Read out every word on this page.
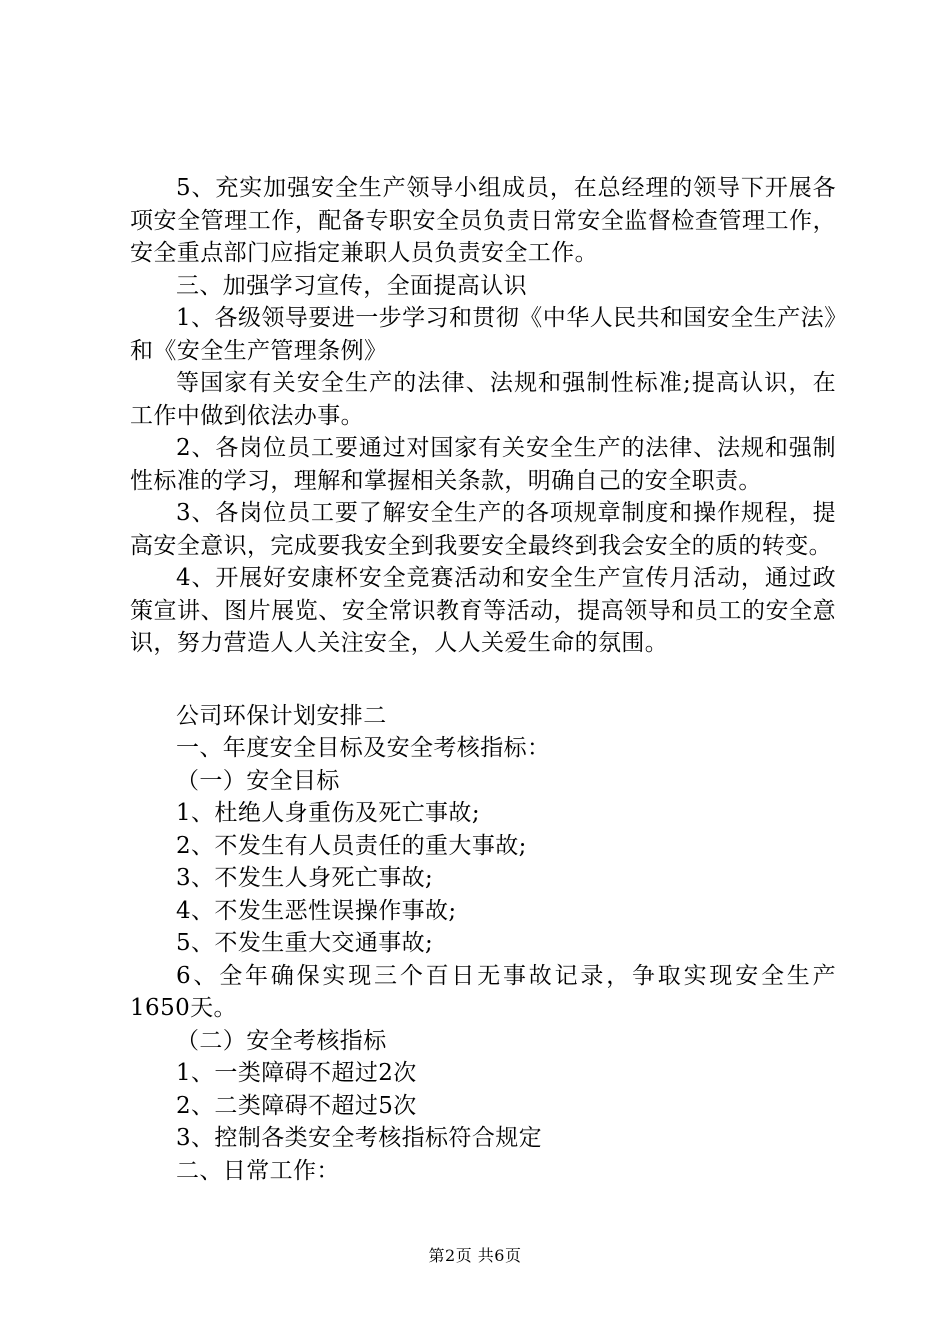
5、充实加强安全生产领导小组成员，在总经理的领导下开展各项安全管理工作，配备专职安全员负责日常安全监督检查管理工作，安全重点部门应指定兼职人员负责安全工作。

三、加强学习宣传，全面提高认识

1、各级领导要进一步学习和贯彻《中华人民共和国安全生产法》和《安全生产管理条例》

等国家有关安全生产的法律、法规和强制性标准;提高认识，在工作中做到依法办事。

2、各岗位员工要通过对国家有关安全生产的法律、法规和强制性标准的学习，理解和掌握相关条款，明确自己的安全职责。

3、各岗位员工要了解安全生产的各项规章制度和操作规程，提高安全意识，完成要我安全到我要安全最终到我会安全的质的转变。

4、开展好安康杯安全竞赛活动和安全生产宣传月活动，通过政策宣讲、图片展览、安全常识教育等活动，提高领导和员工的安全意识，努力营造人人关注安全，人人关爱生命的氛围。

公司环保计划安排二

一、年度安全目标及安全考核指标：

（一）安全目标

1、杜绝人身重伤及死亡事故;

2、不发生有人员责任的重大事故;

3、不发生人身死亡事故;

4、不发生恶性误操作事故;

5、不发生重大交通事故;

6、全年确保实现三个百日无事故记录，争取实现安全生产1650天。

（二）安全考核指标

1、一类障碍不超过2次

2、二类障碍不超过5次

3、控制各类安全考核指标符合规定

二、日常工作：

第2页 共6页
